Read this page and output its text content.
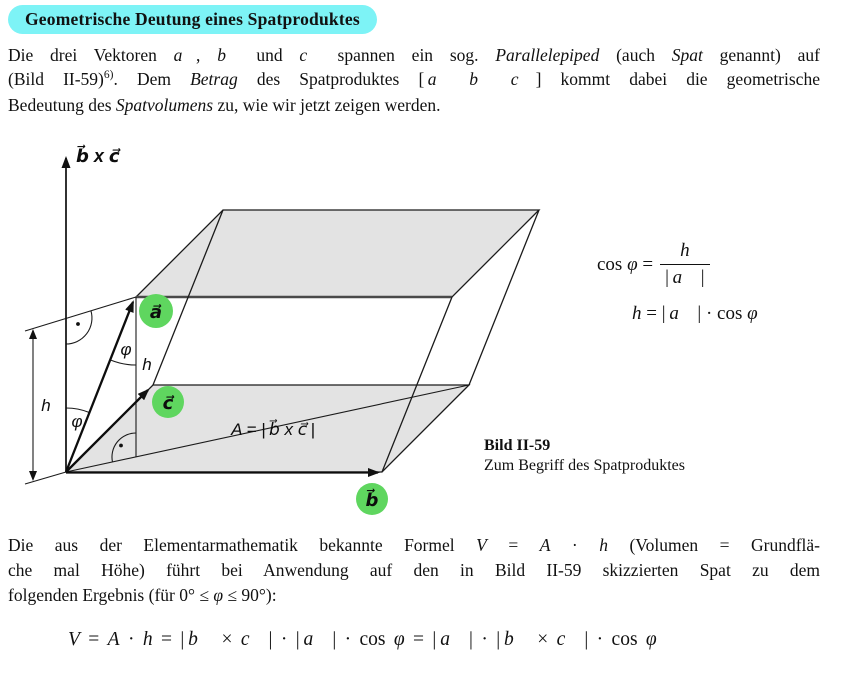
Geometrische Deutung eines Spatproduktes
Die drei Vektoren a⃗, b⃗ und c⃗ spannen ein sog. Parallelepiped (auch Spat genannt) auf
(Bild II-59)$^{6)}$. Dem Betrag des Spatproduktes [ a⃗ b⃗ c⃗ ] kommt dabei die geometrische
Bedeutung des Spatvolumens zu, wie wir jetzt zeigen werden.
b⃗ x c⃗
a⃗
c⃗
b⃗
h
φ
φ
h
A = | b⃗ x c⃗ |
$\cos \varphi = \frac{h}{| a⃗ |}$
h = | a⃗ | · cos φ
Bild II-59
Zum Begriff des Spatproduktes
Die aus der Elementarmathematik bekannte Formel V = A · h (Volumen = Grundflä-
che mal Höhe) führt bei Anwendung auf den in Bild II-59 skizzierten Spat zu dem
folgenden Ergebnis (für 0° ≤ φ ≤ 90°):
V = A · h = | b⃗ × c⃗ | · | a⃗ | · cos φ = | a⃗ | · | b⃗ × c⃗ | · cos φ
